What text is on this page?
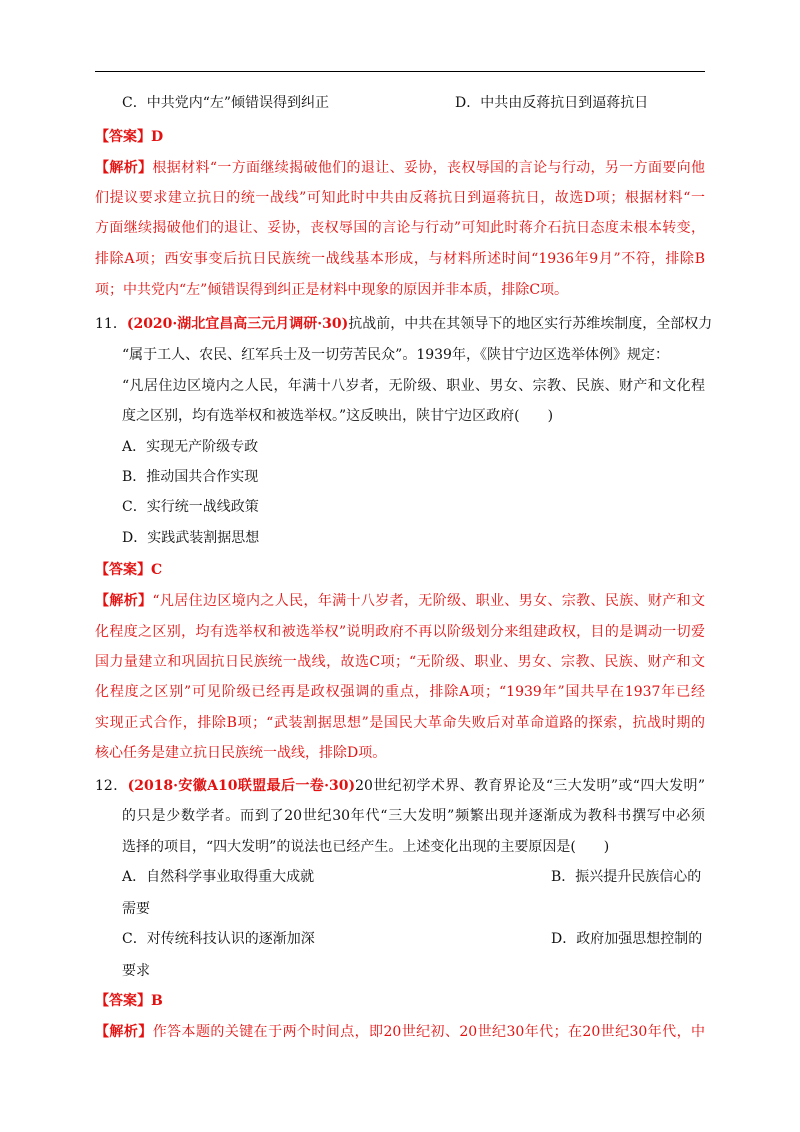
C．中共党内“左”倾错误得到纠正	D．中共由反蒋抗日到逼蒋抗日
【答案】D
【解析】根据材料“一方面继续揭破他们的退让、妥协，丧权辱国的言论与行动，另一方面要向他
们提议要求建立抗日的统一战线”可知此时中共由反蒋抗日到逼蒋抗日，故选D项；根据材料“一
方面继续揭破他们的退让、妥协，丧权辱国的言论与行动”可知此时蒋介石抗日态度未根本转变，
排除A项；西安事变后抗日民族统一战线基本形成，与材料所述时间“1936年9月”不符，排除B
项；中共党内“左”倾错误得到纠正是材料中现象的原因并非本质，排除C项。
11．(2020·湖北宜昌高三元月调研·30)抗战前，中共在其领导下的地区实行苏维埃制度，全部权力
“属于工人、农民、红军兵士及一切劳苦民众”。1939年，《陕甘宁边区选举体例》规定：
“凡居住边区境内之人民，年满十八岁者，无阶级、职业、男女、宗教、民族、财产和文化程
度之区别，均有选举权和被选举权。”这反映出，陕甘宁边区政府(　　)
A．实现无产阶级专政
B．推动国共合作实现
C．实行统一战线政策
D．实践武装割据思想
【答案】C
【解析】“凡居住边区境内之人民，年满十八岁者，无阶级、职业、男女、宗教、民族、财产和文
化程度之区别，均有选举权和被选举权”说明政府不再以阶级划分来组建政权，目的是调动一切爱
国力量建立和巩固抗日民族统一战线，故选C项；“无阶级、职业、男女、宗教、民族、财产和文
化程度之区别”可见阶级已经再是政权强调的重点，排除A项；“1939年”国共早在1937年已经
实现正式合作，排除B项；“武装割据思想”是国民大革命失败后对革命道路的探索，抗战时期的
核心任务是建立抗日民族统一战线，排除D项。
12．(2018·安徽A10联盟最后一卷·30)20世纪初学术界、教育界论及“三大发明”或“四大发明”
的只是少数学者。而到了20世纪30年代“三大发明”频繁出现并逐渐成为教科书撰写中必须
选择的项目，“四大发明”的说法也已经产生。上述变化出现的主要原因是(　　)
A．自然科学事业取得重大成就	B．振兴提升民族信心的
需要
C．对传统科技认识的逐渐加深	D．政府加强思想控制的
要求
【答案】B
【解析】作答本题的关键在于两个时间点，即20世纪初、20世纪30年代；在20世纪30年代，中
